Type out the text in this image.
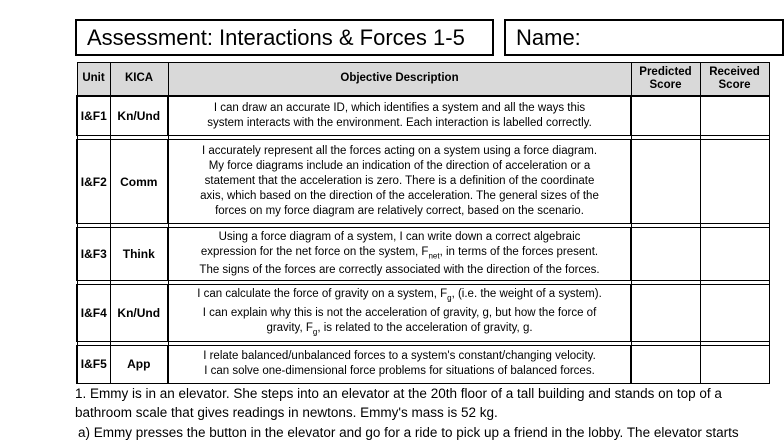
Assessment: Interactions & Forces 1-5	Name:
Unit	KICA	Objective Description	Predicted Score	Received Score
I&F1	Kn/Und	I can draw an accurate ID, which identifies a system and all the ways this
system interacts with the environment. Each interaction is labelled correctly.		

I&F2	Comm	I accurately represent all the forces acting on a system using a force diagram.
My force diagrams include an indication of the direction of acceleration or a
statement that the acceleration is zero. There is a definition of the coordinate
axis, which based on the direction of the acceleration. The general sizes of the
forces on my force diagram are relatively correct, based on the scenario.		

I&F3	Think	Using a force diagram of a system, I can write down a correct algebraic
expression for the net force on the system, $F_{net}$, in terms of the forces present.
The signs of the forces are correctly associated with the direction of the forces.		

I&F4	Kn/Und	I can calculate the force of gravity on a system, $F_g$, (i.e. the weight of a system).
I can explain why this is not the acceleration of gravity, g, but how the force of
gravity, $F_g$, is related to the acceleration of gravity, g.		

I&F5	App	I relate balanced/unbalanced forces to a system's constant/changing velocity.
I can solve one-dimensional force problems for situations of balanced forces.		
1. Emmy is in an elevator. She steps into an elevator at the 20th floor of a tall building and stands on top of a
bathroom scale that gives readings in newtons. Emmy's mass is 52 kg.
a) Emmy presses the button in the elevator and go for a ride to pick up a friend in the lobby. The elevator starts
